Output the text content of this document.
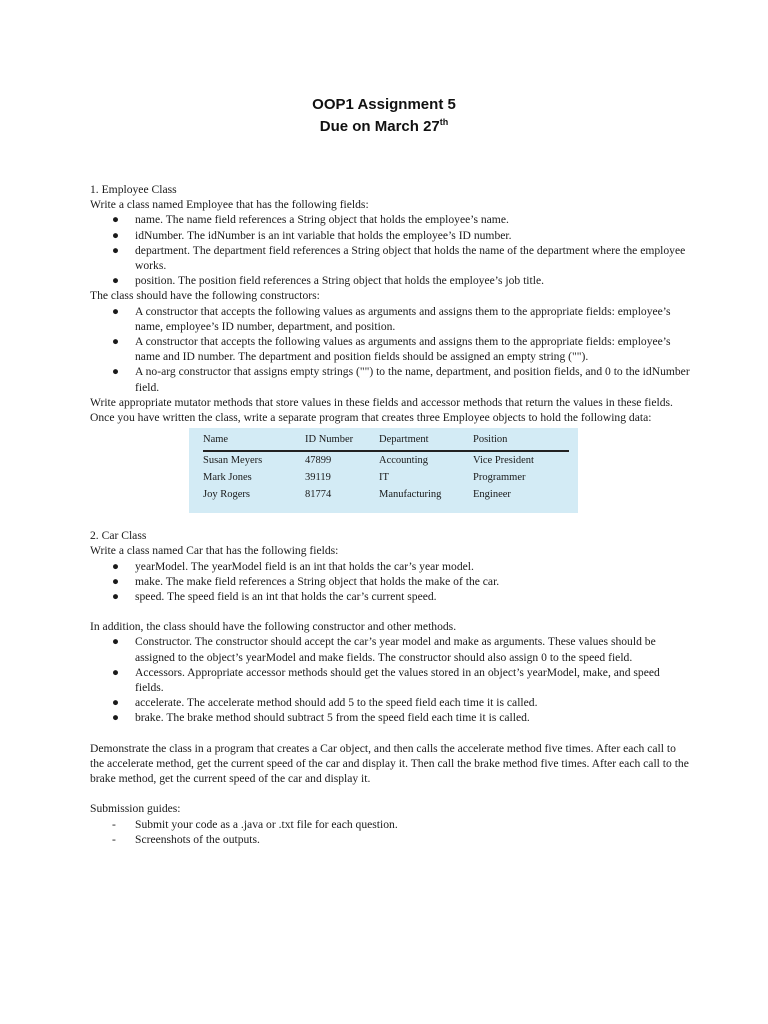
OOP1 Assignment 5
Due on March 27th

1. Employee Class

Write a class named Employee that has the following fields:

●	name. The name field references a String object that holds the employee’s name.
●	idNumber. The idNumber is an int variable that holds the employee’s ID number.
●	department. The department field references a String object that holds the name of the department where the employee works.
●	position. The position field references a String object that holds the employee’s job title.

The class should have the following constructors:

●	A constructor that accepts the following values as arguments and assigns them to the appropriate fields: employee’s name, employee’s ID number, department, and position.
●	A constructor that accepts the following values as arguments and assigns them to the appropriate fields: employee’s name and ID number. The department and position fields should be assigned an empty string ("").
●	A no-arg constructor that assigns empty strings ("") to the name, department, and position fields, and 0 to the idNumber field.

Write appropriate mutator methods that store values in these fields and accessor methods that return the values in these fields. Once you have written the class, write a separate program that creates three Employee objects to hold the following data:

Name	ID Number	Department	Position
Susan Meyers	47899	Accounting	Vice President
Mark Jones	39119	IT	Programmer
Joy Rogers	81774	Manufacturing	Engineer

2. Car Class

Write a class named Car that has the following fields:

●	yearModel. The yearModel field is an int that holds the car’s year model.
●	make. The make field references a String object that holds the make of the car.
●	speed. The speed field is an int that holds the car’s current speed.

In addition, the class should have the following constructor and other methods.

●	Constructor. The constructor should accept the car’s year model and make as arguments. These values should be assigned to the object’s yearModel and make fields. The constructor should also assign 0 to the speed field.
●	Accessors. Appropriate accessor methods should get the values stored in an object’s yearModel, make, and speed fields.
●	accelerate. The accelerate method should add 5 to the speed field each time it is called.
●	brake. The brake method should subtract 5 from the speed field each time it is called.

Demonstrate the class in a program that creates a Car object, and then calls the accelerate method five times. After each call to the accelerate method, get the current speed of the car and display it. Then call the brake method five times. After each call to the brake method, get the current speed of the car and display it.

Submission guides:

-	Submit your code as a .java or .txt file for each question.
-	Screenshots of the outputs.
